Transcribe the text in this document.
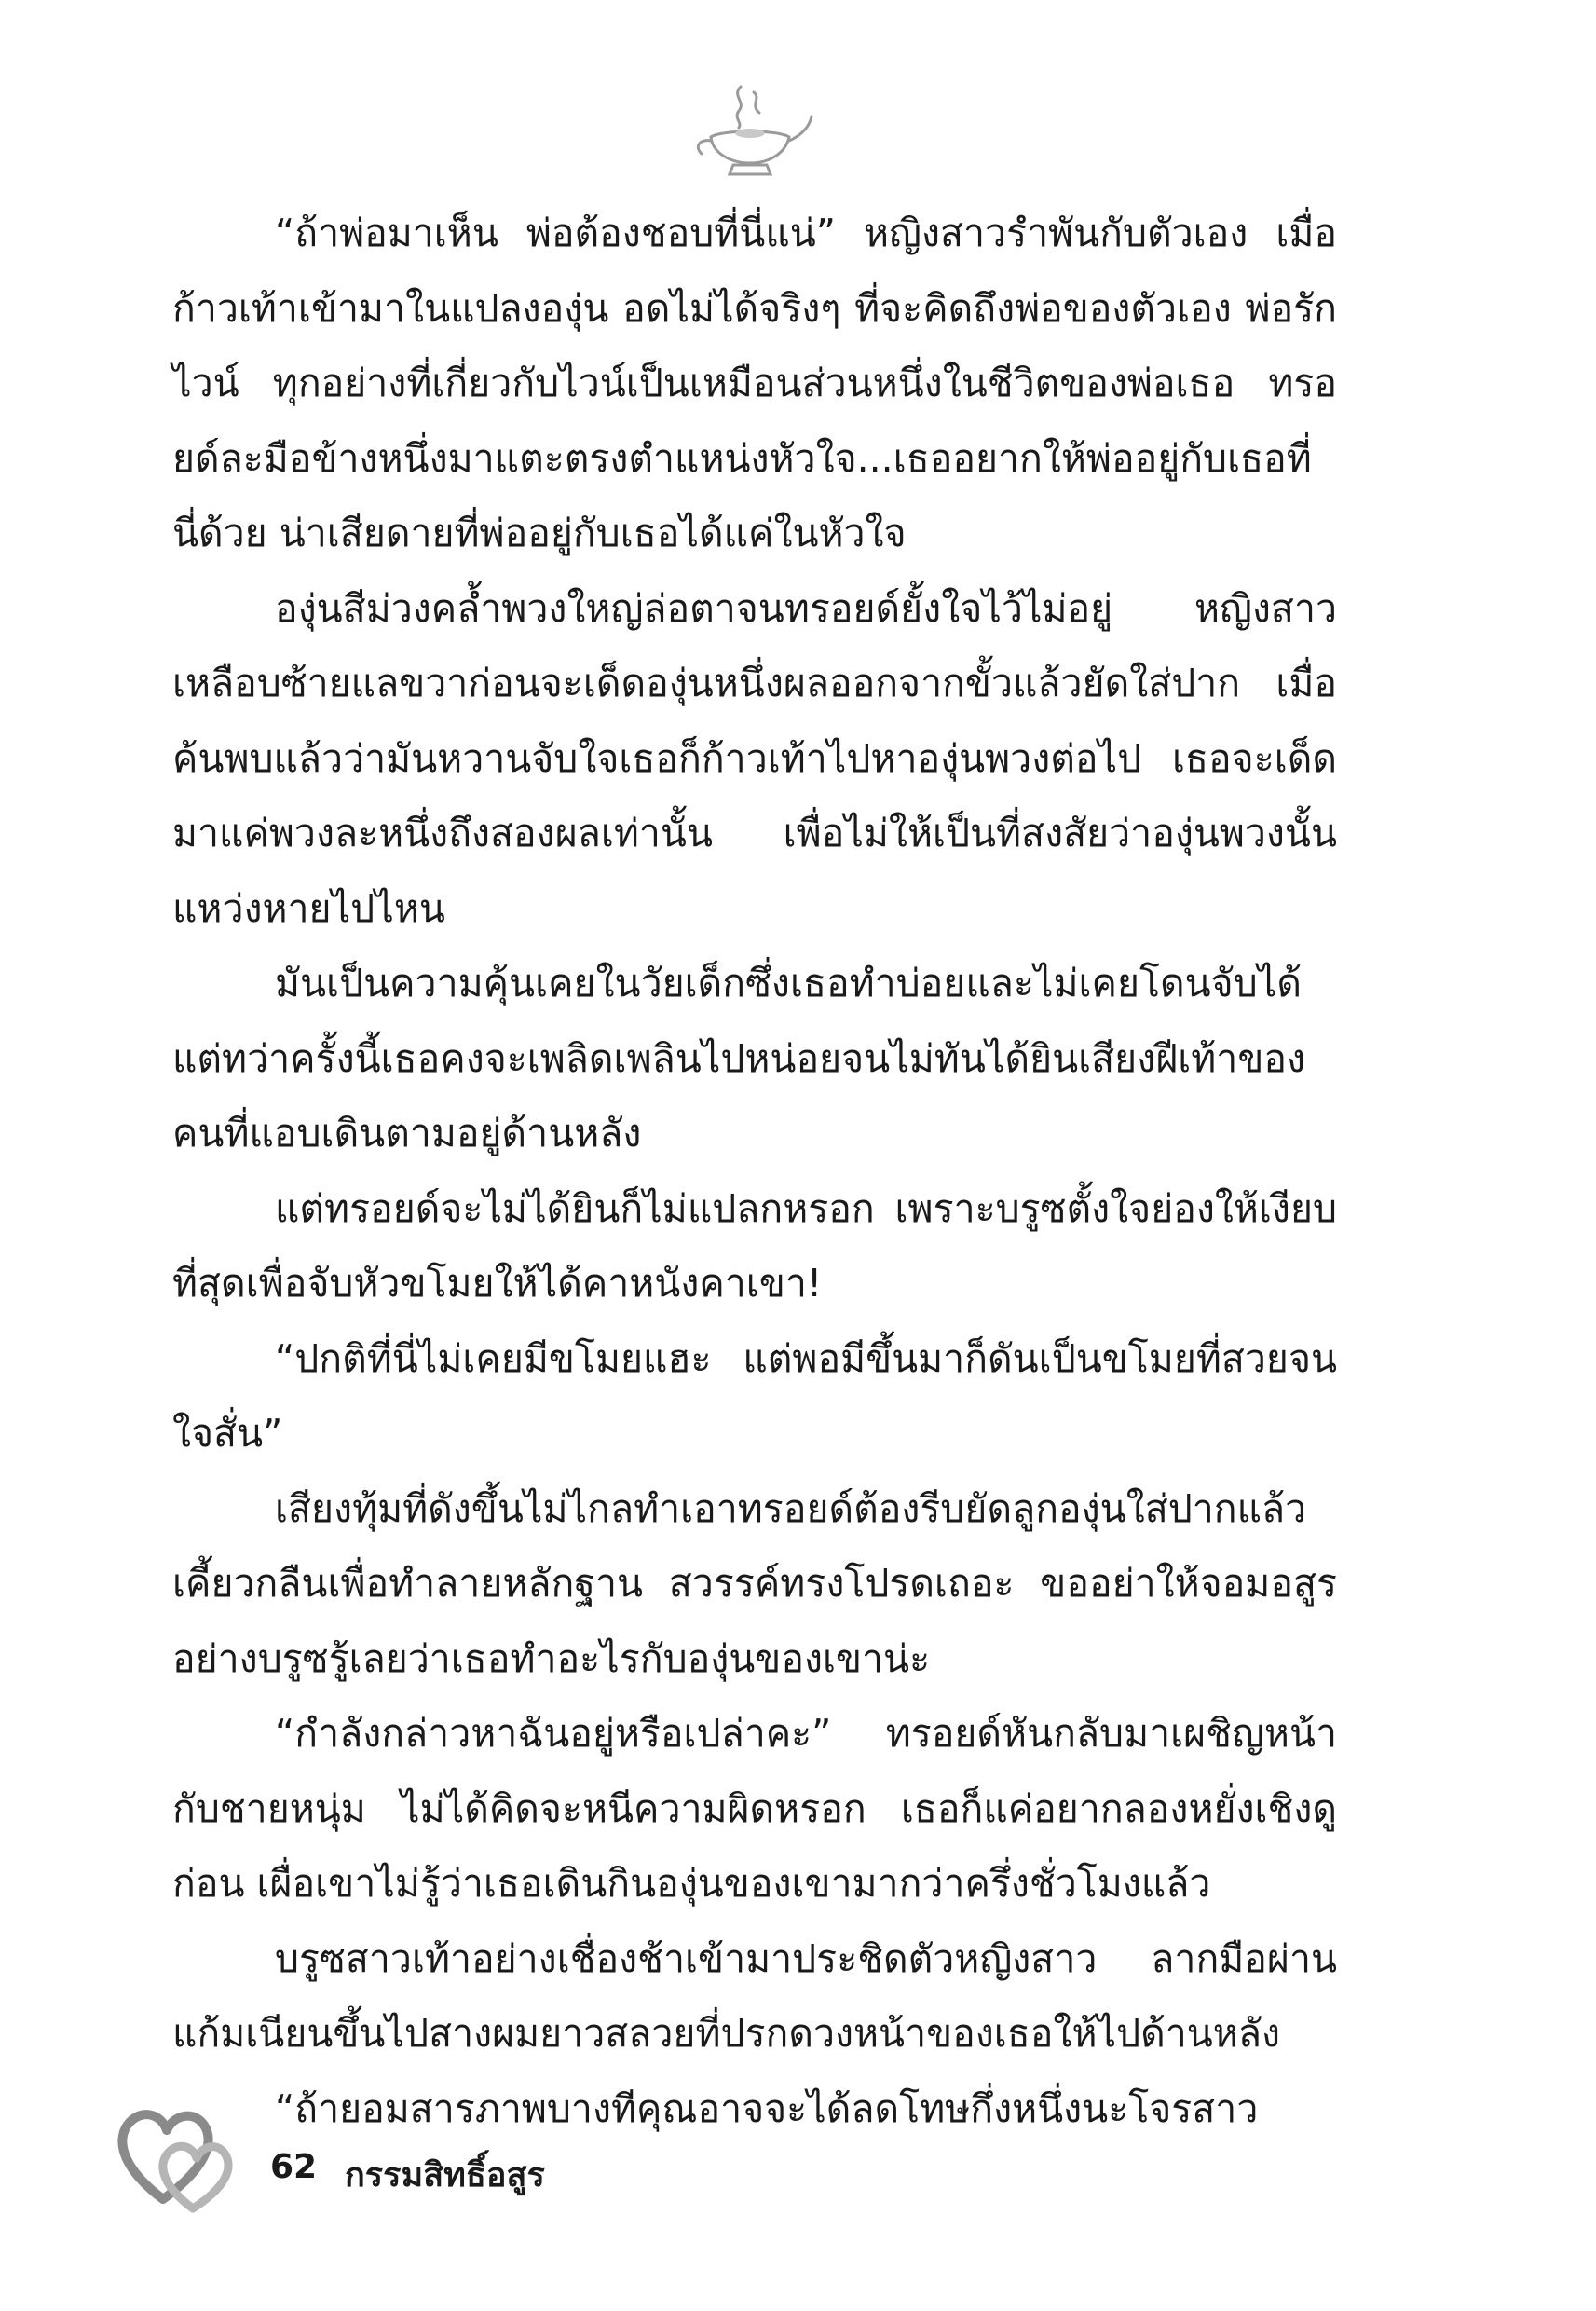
“ถ้าพ่อมาเห็น พ่อต้องชอบที่นี่แน่” หญิงสาวรำพันกับตัวเอง เมื่อก้าวเท้าเข้ามาในแปลงองุ่น อดไม่ได้จริงๆ ที่จะคิดถึงพ่อของตัวเอง พ่อรักไวน์ ทุกอย่างที่เกี่ยวกับไวน์เป็นเหมือนส่วนหนึ่งในชีวิตของพ่อเธอ ทรอยด์ละมือข้างหนึ่งมาแตะตรงตำแหน่งหัวใจ...เธออยากให้พ่ออยู่กับเธอที่นี่ด้วย น่าเสียดายที่พ่ออยู่กับเธอได้แค่ในหัวใจ

องุ่นสีม่วงคล้ำพวงใหญ่ล่อตาจนทรอยด์ยั้งใจไว้ไม่อยู่ หญิงสาวเหลือบซ้ายแลขวาก่อนจะเด็ดองุ่นหนึ่งผลออกจากขั้วแล้วยัดใส่ปาก เมื่อค้นพบแล้วว่ามันหวานจับใจเธอก็ก้าวเท้าไปหาองุ่นพวงต่อไป เธอจะเด็ดมาแค่พวงละหนึ่งถึงสองผลเท่านั้น เพื่อไม่ให้เป็นที่สงสัยว่าองุ่นพวงนั้นแหว่งหายไปไหน

มันเป็นความคุ้นเคยในวัยเด็กซึ่งเธอทำบ่อยและไม่เคยโดนจับได้ แต่ทว่าครั้งนี้เธอคงจะเพลิดเพลินไปหน่อยจนไม่ทันได้ยินเสียงฝีเท้าของคนที่แอบเดินตามอยู่ด้านหลัง

แต่ทรอยด์จะไม่ได้ยินก็ไม่แปลกหรอก เพราะบรูซตั้งใจย่องให้เงียบที่สุดเพื่อจับหัวขโมยให้ได้คาหนังคาเขา!

“ปกติที่นี่ไม่เคยมีขโมยแฮะ แต่พอมีขึ้นมาก็ดันเป็นขโมยที่สวยจนใจสั่น”

เสียงทุ้มที่ดังขึ้นไม่ไกลทำเอาทรอยด์ต้องรีบยัดลูกองุ่นใส่ปากแล้วเคี้ยวกลืนเพื่อทำลายหลักฐาน สวรรค์ทรงโปรดเถอะ ขออย่าให้จอมอสูรอย่างบรูซรู้เลยว่าเธอทำอะไรกับองุ่นของเขาน่ะ

“กำลังกล่าวหาฉันอยู่หรือเปล่าคะ” ทรอยด์หันกลับมาเผชิญหน้ากับชายหนุ่ม ไม่ได้คิดจะหนีความผิดหรอก เธอก็แค่อยากลองหยั่งเชิงดูก่อน เผื่อเขาไม่รู้ว่าเธอเดินกินองุ่นของเขามากว่าครึ่งชั่วโมงแล้ว

บรูซสาวเท้าอย่างเชื่องช้าเข้ามาประชิดตัวหญิงสาว ลากมือผ่านแก้มเนียนขึ้นไปสางผมยาวสลวยที่ปรกดวงหน้าของเธอให้ไปด้านหลัง

“ถ้ายอมสารภาพบางทีคุณอาจจะได้ลดโทษกึ่งหนึ่งนะโจรสาว

62 กรรมสิทธิ์อสูร
